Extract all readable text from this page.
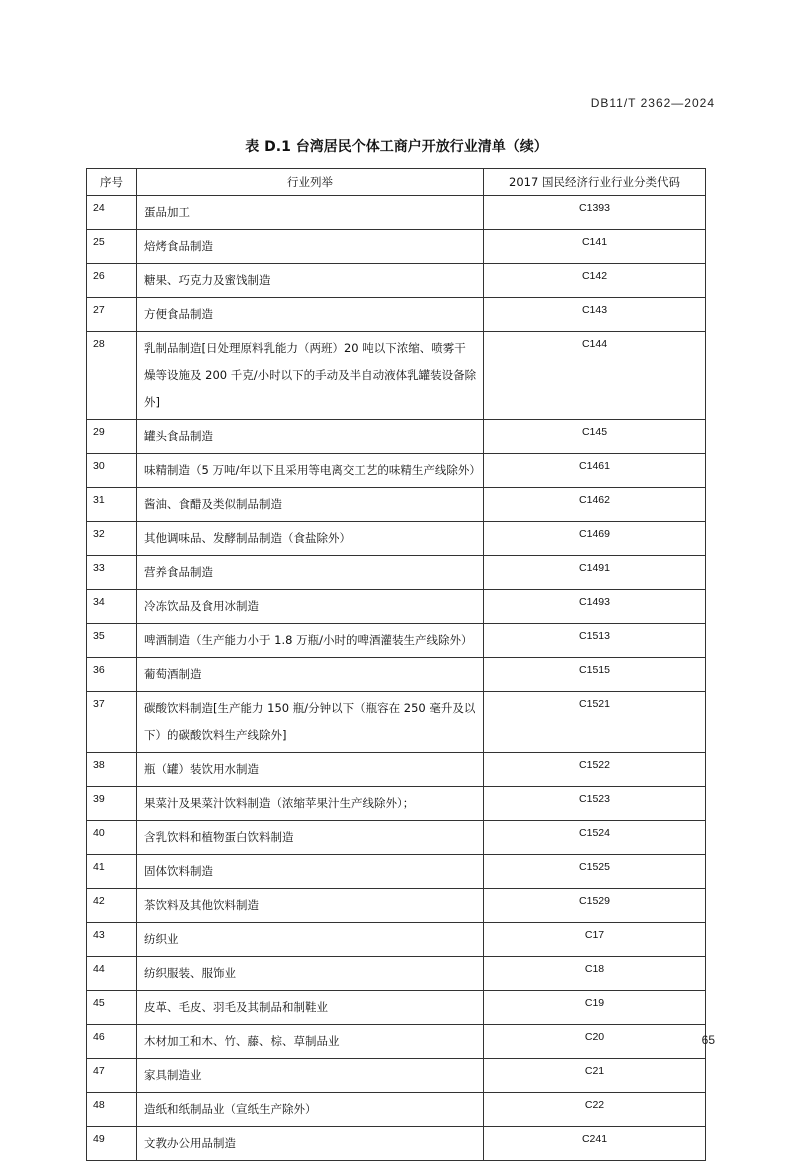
DB11/T 2362—2024
表 D.1 台湾居民个体工商户开放行业清单（续）
序号	行业列举	2017 国民经济行业行业分类代码
24	蛋品加工	C1393
25	焙烤食品制造	C141
26	糖果、巧克力及蜜饯制造	C142
27	方便食品制造	C143
28	乳制品制造[日处理原料乳能力（两班）20 吨以下浓缩、喷雾干燥等设施及 200 千克/小时以下的手动及半自动液体乳罐装设备除外]	C144
29	罐头食品制造	C145
30	味精制造（5 万吨/年以下且采用等电离交工艺的味精生产线除外）	C1461
31	酱油、食醋及类似制品制造	C1462
32	其他调味品、发酵制品制造（食盐除外）	C1469
33	营养食品制造	C1491
34	冷冻饮品及食用冰制造	C1493
35	啤酒制造（生产能力小于 1.8 万瓶/小时的啤酒灌装生产线除外）	C1513
36	葡萄酒制造	C1515
37	碳酸饮料制造[生产能力 150 瓶/分钟以下（瓶容在 250 毫升及以下）的碳酸饮料生产线除外]	C1521
38	瓶（罐）装饮用水制造	C1522
39	果菜汁及果菜汁饮料制造（浓缩苹果汁生产线除外）；	C1523
40	含乳饮料和植物蛋白饮料制造	C1524
41	固体饮料制造	C1525
42	茶饮料及其他饮料制造	C1529
43	纺织业	C17
44	纺织服装、服饰业	C18
45	皮革、毛皮、羽毛及其制品和制鞋业	C19
46	木材加工和木、竹、藤、棕、草制品业	C20
47	家具制造业	C21
48	造纸和纸制品业（宣纸生产除外）	C22
49	文教办公用品制造	C241
65
